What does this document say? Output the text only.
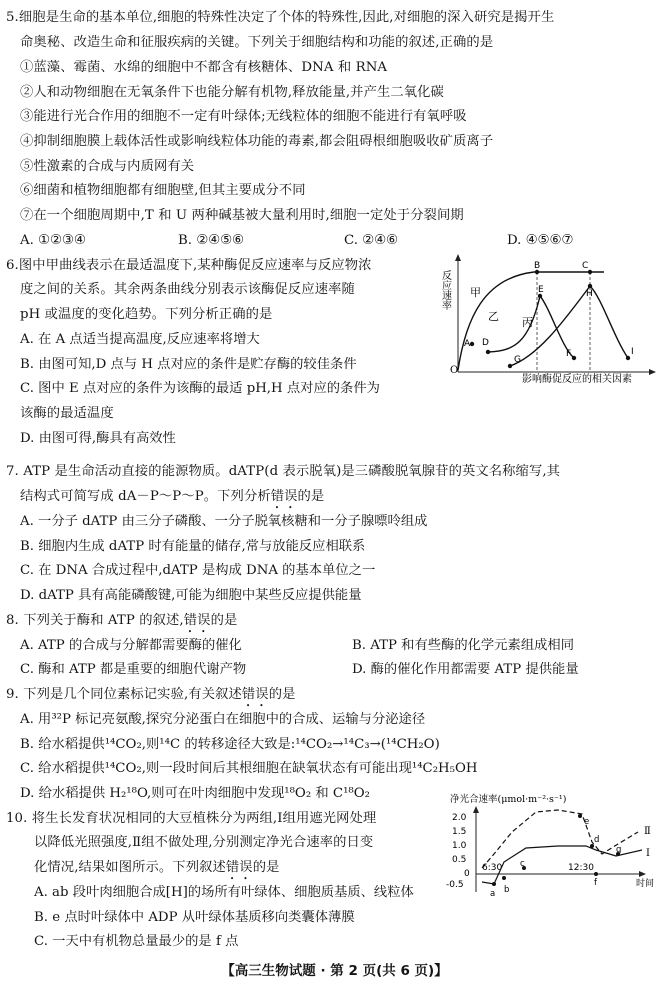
5.细胞是生命的基本单位,细胞的特殊性决定了个体的特殊性,因此,对细胞的深入研究是揭开生
命奥秘、改造生命和征服疾病的关键。下列关于细胞结构和功能的叙述,正确的是
①蓝藻、霉菌、水绵的细胞中不都含有核糖体、DNA 和 RNA
②人和动物细胞在无氧条件下也能分解有机物,释放能量,并产生二氧化碳
③能进行光合作用的细胞不一定有叶绿体;无线粒体的细胞不能进行有氧呼吸
④抑制细胞膜上载体活性或影响线粒体功能的毒素,都会阻碍根细胞吸收矿质离子
⑤性激素的合成与内质网有关
⑥细菌和植物细胞都有细胞壁,但其主要成分不同
⑦在一个细胞周期中,T 和 U 两种碱基被大量利用时,细胞一定处于分裂间期
A. ①②③④	B. ②④⑤⑥	C. ②④⑥	D. ④⑤⑥⑦
6.图中甲曲线表示在最适温度下,某种酶促反应速率与反应物浓
度之间的关系。其余两条曲线分别表示该酶促反应速率随
pH 或温度的变化趋势。下列分析正确的是
A. 在 A 点适当提高温度,反应速率将增大
B. 由图可知,D 点与 H 点对应的条件是贮存酶的较佳条件
C. 图中 E 点对应的条件为该酶的最适 pH,H 点对应的条件为
该酶的最适温度
D. 由图可得,酶具有高效性
反应速率
O
影响酶促反应的相关因素
甲
乙 丙
A
B	C
D
E
F
G
H
I
7. ATP 是生命活动直接的能源物质。dATP(d 表示脱氧)是三磷酸脱氧腺苷的英文名称缩写,其
结构式可简写成 dA－P～P～P。下列分析错误的是
A. 一分子 dATP 由三分子磷酸、一分子脱氧核糖和一分子腺嘌呤组成
B. 细胞内生成 dATP 时有能量的储存,常与放能反应相联系
C. 在 DNA 合成过程中,dATP 是构成 DNA 的基本单位之一
D. dATP 具有高能磷酸键,可能为细胞中某些反应提供能量
8. 下列关于酶和 ATP 的叙述,错误的是
A. ATP 的合成与分解都需要酶的催化	B. ATP 和有些酶的化学元素组成相同
C. 酶和 ATP 都是重要的细胞代谢产物	D. 酶的催化作用都需要 ATP 提供能量
9. 下列是几个同位素标记实验,有关叙述错误的是
A. 用³²P 标记亮氨酸,探究分泌蛋白在细胞中的合成、运输与分泌途径
B. 给水稻提供¹⁴CO₂,则¹⁴C 的转移途径大致是:¹⁴CO₂→¹⁴C₃→(¹⁴CH₂O)
C. 给水稻提供¹⁴CO₂,则一段时间后其根细胞在缺氧状态有可能出现¹⁴C₂H₅OH
D. 给水稻提供 H₂¹⁸O,则可在叶肉细胞中发现¹⁸O₂ 和 C¹⁸O₂
10. 将生长发育状况相同的大豆植株分为两组,Ⅰ组用遮光网处理
以降低光照强度,Ⅱ组不做处理,分别测定净光合速率的日变
化情况,结果如图所示。下列叙述错误的是
A. ab 段叶肉细胞合成[H]的场所有叶绿体、细胞质基质、线粒体
B. e 点时叶绿体中 ADP 从叶绿体基质移向类囊体薄膜
C. 一天中有机物总量最少的是 f 点
净光合速率(μmol·m⁻²·s⁻¹)
时间
2.0
1.5
1.0
0.5
0
-0.5
6:30	12:30
a b
c
d
e
f
g Ⅰ
Ⅱ
【高三生物试题 · 第 2 页(共 6 页)】
